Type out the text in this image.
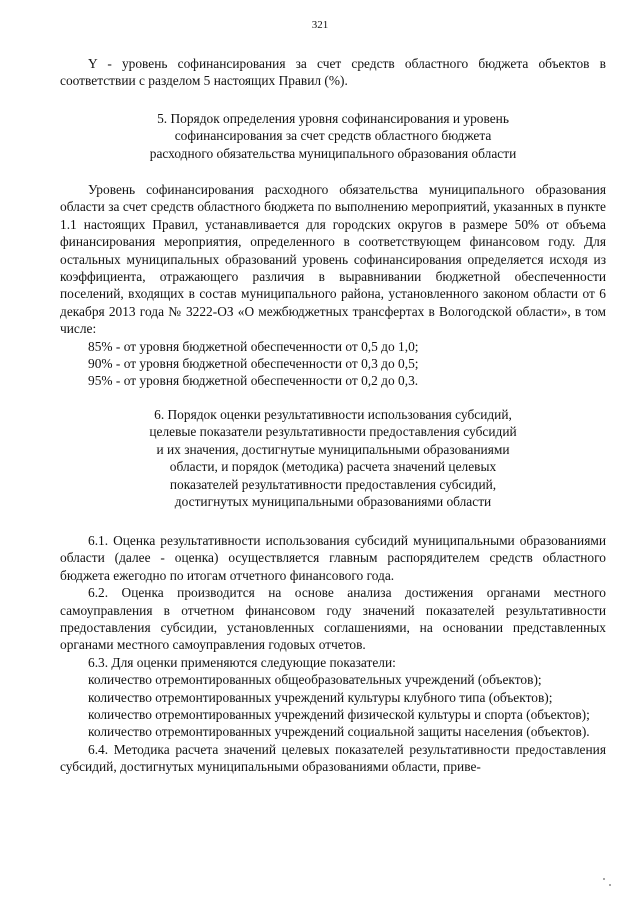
321

Y - уровень софинансирования за счет средств областного бюджета объектов в соответствии с разделом 5 настоящих Правил (%).

5. Порядок определения уровня софинансирования и уровень
софинансирования за счет средств областного бюджета
расходного обязательства муниципального образования области

Уровень софинансирования расходного обязательства муниципального образования области за счет средств областного бюджета по выполнению мероприятий, указанных в пункте 1.1 настоящих Правил, устанавливается для городских округов в размере 50% от объема финансирования мероприятия, определенного в соответствующем финансовом году. Для остальных муниципальных образований уровень софинансирования определяется исходя из коэффициента, отражающего различия в выравнивании бюджетной обеспеченности поселений, входящих в состав муниципального района, установленного законом области от 6 декабря 2013 года № 3222-ОЗ «О межбюджетных трансфертах в Вологодской области», в том числе:

85% - от уровня бюджетной обеспеченности от 0,5 до 1,0;

90% - от уровня бюджетной обеспеченности от 0,3 до 0,5;

95% - от уровня бюджетной обеспеченности от 0,2 до 0,3.

6. Порядок оценки результативности использования субсидий,
целевые показатели результативности предоставления субсидий
и их значения, достигнутые муниципальными образованиями
области, и порядок (методика) расчета значений целевых
показателей результативности предоставления субсидий,
достигнутых муниципальными образованиями области

6.1. Оценка результативности использования субсидий муниципальными образованиями области (далее - оценка) осуществляется главным распорядителем средств областного бюджета ежегодно по итогам отчетного финансового года.

6.2. Оценка производится на основе анализа достижения органами местного самоуправления в отчетном финансовом году значений показателей результативности предоставления субсидии, установленных соглашениями, на основании представленных органами местного самоуправления годовых отчетов.

6.3. Для оценки применяются следующие показатели:

количество отремонтированных общеобразовательных учреждений (объектов);

количество отремонтированных учреждений культуры клубного типа (объектов);

количество отремонтированных учреждений физической культуры и спорта (объектов);

количество отремонтированных учреждений социальной защиты населения (объектов).

6.4. Методика расчета значений целевых показателей результативности предоставления субсидий, достигнутых муниципальными образованиями области, приве-
